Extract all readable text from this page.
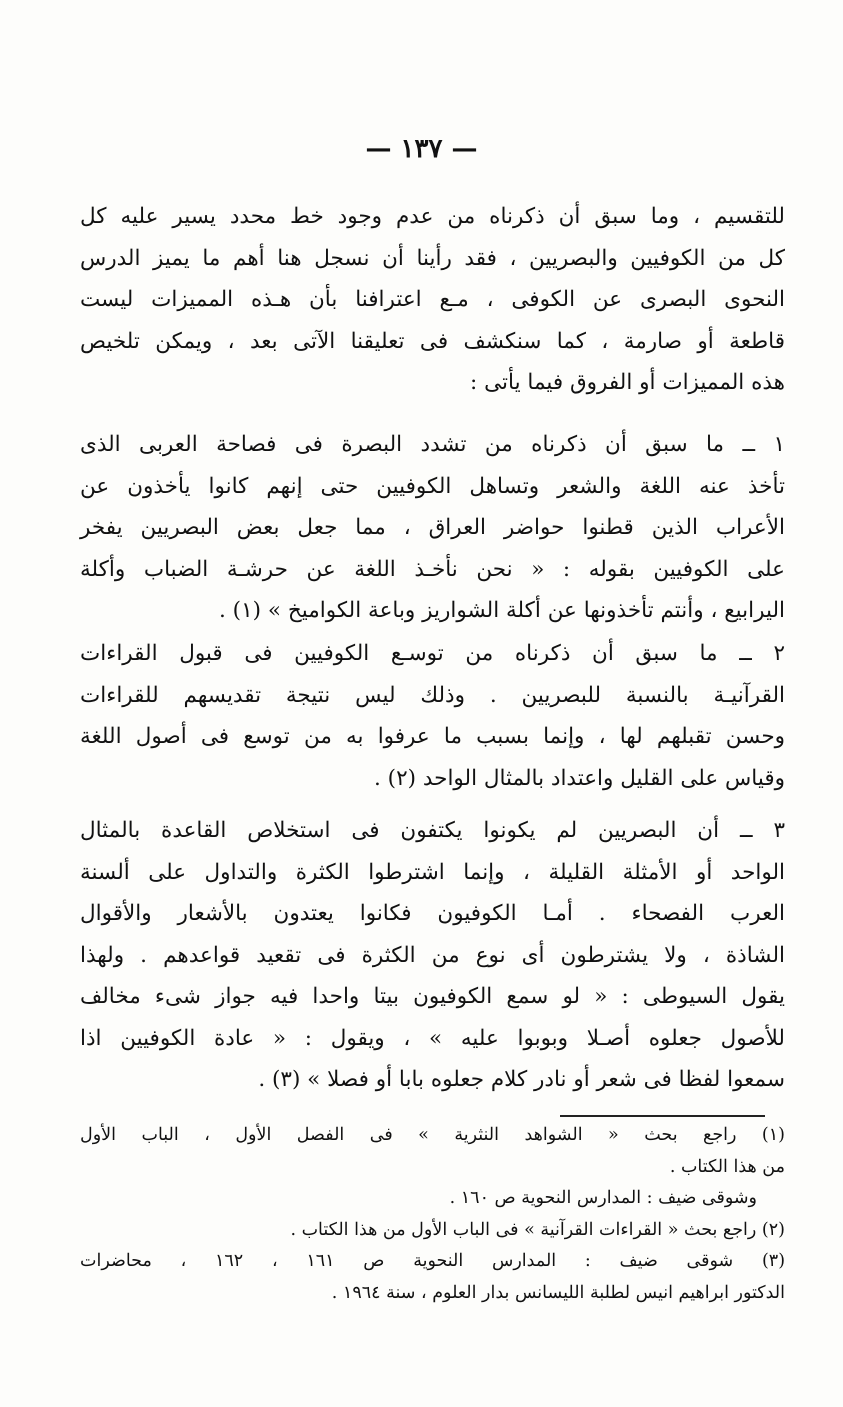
— ١٣٧ —
للتقسيم ، وما سبق أن ذكرناه من عدم وجود خط محدد يسير عليه كل
كل من الكوفيين والبصريين ، فقد رأينا أن نسجل هنا أهم ما يميز الدرس
النحوى البصرى عن الكوفى ، مـع اعترافنا بأن هـذه المميزات ليست
قاطعة أو صارمة ، كما سنكشف فى تعليقنا الآتى بعد ، ويمكن تلخيص
هذه المميزات أو الفروق فيما يأتى :
١ ــ ما سبق أن ذكرناه من تشدد البصرة فى فصاحة العربى الذى
تأخذ عنه اللغة والشعر وتساهل الكوفيين حتى إنهم كانوا يأخذون عن
الأعراب الذين قطنوا حواضر العراق ، مما جعل بعض البصريين يفخر
على الكوفيين بقوله : « نحن نأخـذ اللغة عن حرشـة الضباب وأكلة
اليرابيع ، وأنتم تأخذونها عن أكلة الشواريز وباعة الكواميخ » (١) .
٢ ــ ما سبق أن ذكرناه من توسـع الكوفيين فى قبول القراءات
القرآنيـة بالنسبة للبصريين . وذلك ليس نتيجة تقديسهم للقراءات
وحسن تقبلهم لها ، وإنما بسبب ما عرفوا به من توسع فى أصول اللغة
وقياس على القليل واعتداد بالمثال الواحد (٢) .
٣ ــ أن البصريين لم يكونوا يكتفون فى استخلاص القاعدة بالمثال
الواحد أو الأمثلة القليلة ، وإنما اشترطوا الكثرة والتداول على ألسنة
العرب الفصحاء . أمـا الكوفيون فكانوا يعتدون بالأشعار والأقوال
الشاذة ، ولا يشترطون أى نوع من الكثرة فى تقعيد قواعدهم . ولهذا
يقول السيوطى : « لو سمع الكوفيون بيتا واحدا فيه جواز شىء مخالف
للأصول جعلوه أصـلا وبوبوا عليه » ، ويقول : « عادة الكوفيين اذا
سمعوا لفظا فى شعر أو نادر كلام جعلوه بابا أو فصلا » (٣) .
(١) راجع بحث « الشواهد النثرية » فى الفصل الأول ، الباب الأول
من هذا الكتاب .
وشوقى ضيف : المدارس النحوية ص ١٦٠ .
(٢) راجع بحث « القراءات القرآنية » فى الباب الأول من هذا الكتاب .
(٣) شوقى ضيف : المدارس النحوية ص ١٦١ ، ١٦٢ ، محاضرات
الدكتور ابراهيم انيس لطلبة الليسانس بدار العلوم ، سنة ١٩٦٤ .
